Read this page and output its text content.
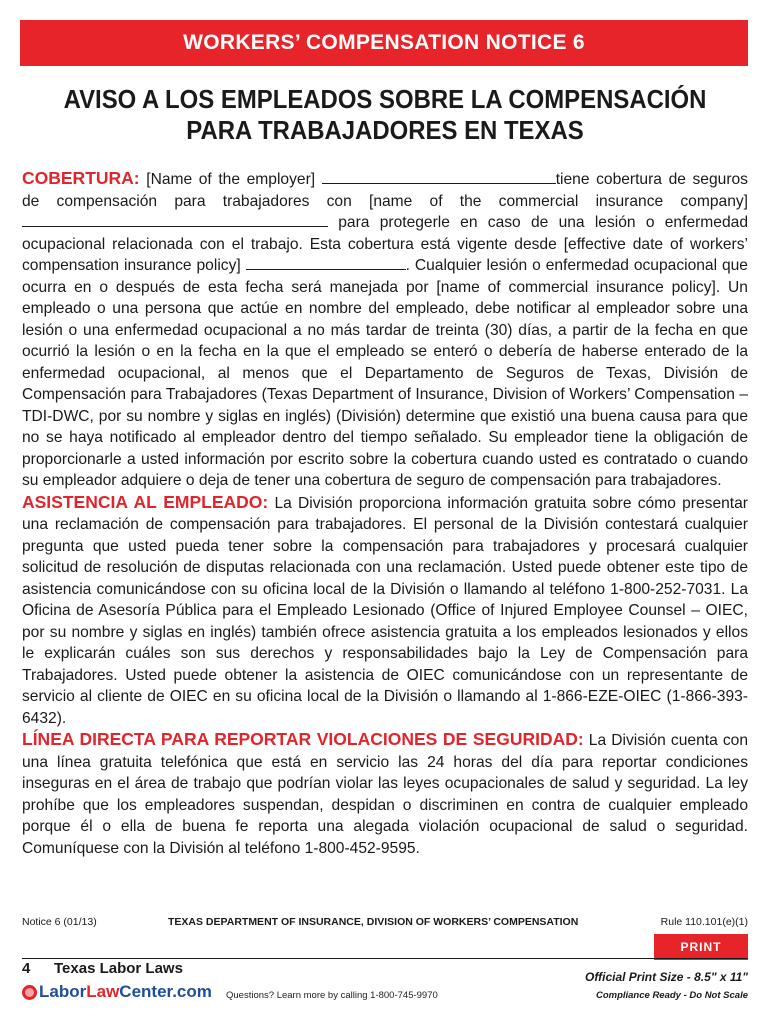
WORKERS’ COMPENSATION NOTICE 6
AVISO A LOS EMPLEADOS SOBRE LA COMPENSACIÓN
PARA TRABAJADORES EN TEXAS

COBERTURA: [Name of the employer]	tiene cobertura de seguros de compensación para trabajadores con [name of the commercial insurance company]  para protegerle en caso de una lesión o enfermedad ocupacional relacionada con el trabajo. Esta cobertura está vigente desde [effective date of workers’ compensation insurance policy]	. Cualquier lesión o enfermedad ocupacional que ocurra en o después de esta fecha será manejada por [name of commercial insurance policy]. Un empleado o una persona que actúe en nombre del empleado, debe notificar al empleador sobre una lesión o una enfermedad ocupacional a no más tardar de treinta (30) días, a partir de la fecha en que ocurrió la lesión o en la fecha en la que el empleado se enteró o debería de haberse enterado de la enfermedad ocupacional, al menos que el Departamento de Seguros de Texas, División de Compensación para Trabajadores (Texas Department of Insurance, Division of Workers’ Compensation – TDI-DWC, por su nombre y siglas en inglés) (División) determine que existió una buena causa para que no se haya notificado al empleador dentro del tiempo señalado. Su empleador tiene la obligación de proporcionarle a usted información por escrito sobre la cobertura cuando usted es contratado o cuando su empleador adquiere o deja de tener una cobertura de seguro de compensación para trabajadores.

ASISTENCIA AL EMPLEADO: La División proporciona información gratuita sobre cómo presentar una reclamación de compensación para trabajadores. El personal de la División contestará cualquier pregunta que usted pueda tener sobre la compensación para trabajadores y procesará cualquier solicitud de resolución de disputas relacionada con una reclamación. Usted puede obtener este tipo de asistencia comunicándose con su oficina local de la División o llamando al teléfono 1-800-252-7031. La Oficina de Asesoría Pública para el Empleado Lesionado (Office of Injured Employee Counsel – OIEC, por su nombre y siglas en inglés) también ofrece asistencia gratuita a los empleados lesionados y ellos le explicarán cuáles son sus derechos y responsabilidades bajo la Ley de Compensación para Trabajadores. Usted puede obtener la asistencia de OIEC comunicándose con un representante de servicio al cliente de OIEC en su oficina local de la División o llamando al 1-866-EZE-OIEC (1-866-393-6432).

LÍNEA DIRECTA PARA REPORTAR VIOLACIONES DE SEGURIDAD: La División cuenta con una línea gratuita telefónica que está en servicio las 24 horas del día para reportar condiciones inseguras en el área de trabajo que podrían violar las leyes ocupacionales de salud y seguridad. La ley prohíbe que los empleadores suspendan, despidan o discriminen en contra de cualquier empleado porque él o ella de buena fe reporta una alegada violación ocupacional de salud o seguridad. Comuníquese con la División al teléfono 1-800-452-9595.

Notice 6 (01/13)	TEXAS DEPARTMENT OF INSURANCE, DIVISION OF WORKERS’ COMPENSATION	Rule 110.101(e)(1)
PRINT
4 Texas Labor Laws
Labor Law Center.com Questions? Learn more by calling 1-800-745-9970
Official Print Size - 8.5" x 11"
Compliance Ready - Do Not Scale
